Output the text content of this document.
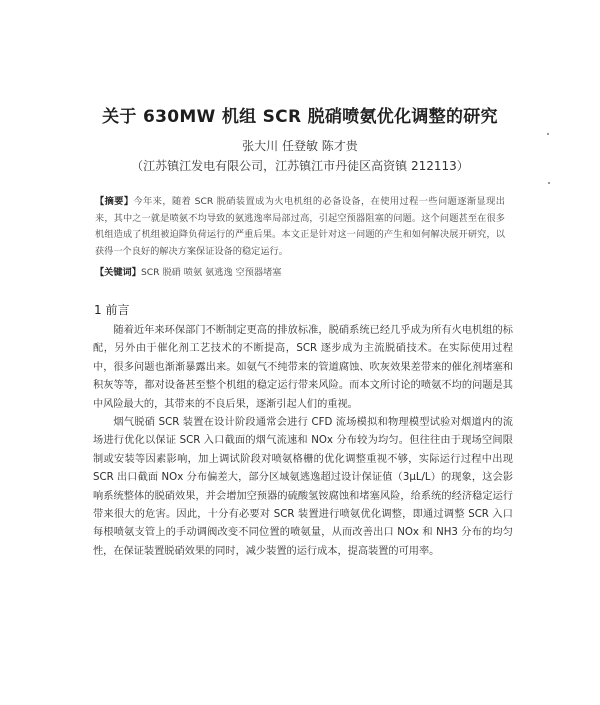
关于 630MW 机组 SCR 脱硝喷氨优化调整的研究
张大川 任登敏 陈才贵
（江苏镇江发电有限公司，江苏镇江市丹徒区高资镇 212113）
【摘要】今年来，随着 SCR 脱硝装置成为火电机组的必备设备，在使用过程一些问题逐渐显现出来，其中之一就是喷氨不均导致的氨逃逸率局部过高，引起空预器阻塞的问题。这个问题甚至在很多机组造成了机组被迫降负荷运行的严重后果。本文正是针对这一问题的产生和如何解决展开研究，以获得一个良好的解决方案保证设备的稳定运行。
【关键词】SCR 脱硝 喷氨 氨逃逸 空预器堵塞
1 前言

随着近年来环保部门不断制定更高的排放标准，脱硝系统已经几乎成为所有火电机组的标配，另外由于催化剂工艺技术的不断提高，SCR 逐步成为主流脱硝技术。在实际使用过程中，很多问题也渐渐暴露出来。如氨气不纯带来的管道腐蚀、吹灰效果差带来的催化剂堵塞和积灰等等，都对设备甚至整个机组的稳定运行带来风险。而本文所讨论的喷氨不均的问题是其中风险最大的，其带来的不良后果，逐渐引起人们的重视。

烟气脱硝 SCR 装置在设计阶段通常会进行 CFD 流场模拟和物理模型试验对烟道内的流场进行优化以保证 SCR 入口截面的烟气流速和 NOx 分布较为均匀。但往往由于现场空间限制或安装等因素影响，加上调试阶段对喷氨格栅的优化调整重视不够，实际运行过程中出现 SCR 出口截面 NOx 分布偏差大，部分区域氨逃逸超过设计保证值（3μL/L）的现象，这会影响系统整体的脱硝效果，并会增加空预器的硫酸氢铵腐蚀和堵塞风险，给系统的经济稳定运行带来很大的危害。因此，十分有必要对 SCR 装置进行喷氨优化调整，即通过调整 SCR 入口每根喷氨支管上的手动调阀改变不同位置的喷氨量，从而改善出口 NOx 和 NH3 分布的均匀性，在保证装置脱硝效果的同时，减少装置的运行成本，提高装置的可用率。
